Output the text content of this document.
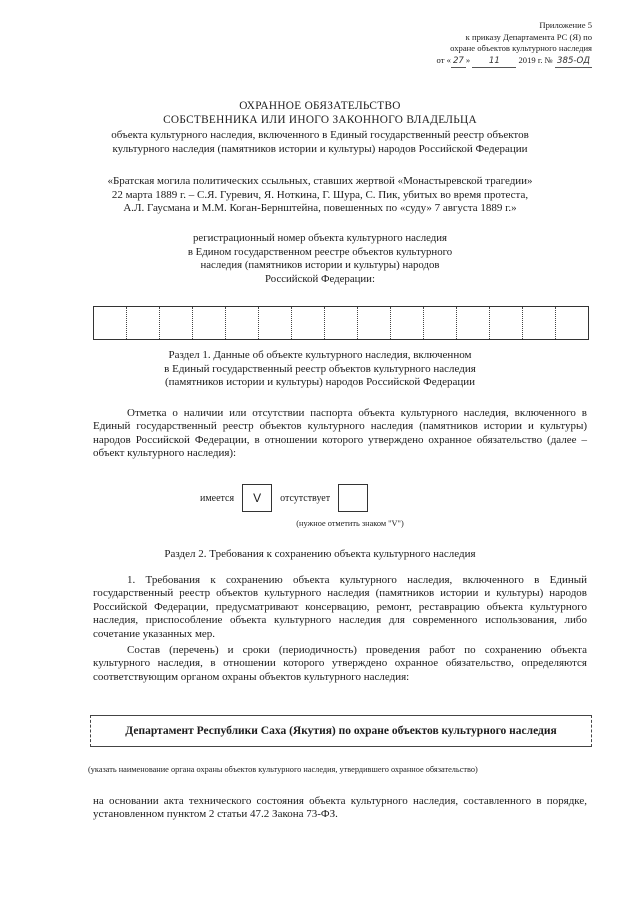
Приложение 5
к приказу Департамента РС (Я) по
охране объектов культурного наследия
от « 27 » 11 2019 г. № 385-ОД
ОХРАННОЕ ОБЯЗАТЕЛЬСТВО
СОБСТВЕННИКА ИЛИ ИНОГО ЗАКОННОГО ВЛАДЕЛЬЦА
объекта культурного наследия, включенного в Единый государственный реестр объектов
культурного наследия (памятников истории и культуры) народов Российской Федерации
«Братская могила политических ссыльных, ставших жертвой «Монастыревской трагедии»
22 марта 1889 г. – С.Я. Гуревич, Я. Ноткина, Г. Шура, С. Пик, убитых во время протеста,
А.Л. Гаусмана и М.М. Коган-Бернштейна, повешенных по «суду» 7 августа 1889 г.»
регистрационный номер объекта культурного наследия
в Едином государственном реестре объектов культурного
наследия (памятников истории и культуры) народов
Российской Федерации:
Раздел 1. Данные об объекте культурного наследия, включенном
в Единый государственный реестр объектов культурного наследия
(памятников истории и культуры) народов Российской Федерации
Отметка о наличии или отсутствии паспорта объекта культурного наследия, включенного в Единый государственный реестр объектов культурного наследия (памятников истории и культуры) народов Российской Федерации, в отношении которого утверждено охранное обязательство (далее – объект культурного наследия):
имеется	V	отсутствует
(нужное отметить знаком "V")
Раздел 2. Требования к сохранению объекта культурного наследия
1. Требования к сохранению объекта культурного наследия, включенного в Единый государственный реестр объектов культурного наследия (памятников истории и культуры) народов Российской Федерации, предусматривают консервацию, ремонт, реставрацию объекта культурного наследия, приспособление объекта культурного наследия для современного использования, либо сочетание указанных мер.
Состав (перечень) и сроки (периодичность) проведения работ по сохранению объекта культурного наследия, в отношении которого утверждено охранное обязательство, определяются соответствующим органом охраны объектов культурного наследия:
Департамент Республики Саха (Якутия) по охране объектов культурного наследия
(указать наименование органа охраны объектов культурного наследия, утвердившего охранное обязательство)
на основании акта технического состояния объекта культурного наследия, составленного в порядке, установленном пунктом 2 статьи 47.2 Закона 73-ФЗ.
